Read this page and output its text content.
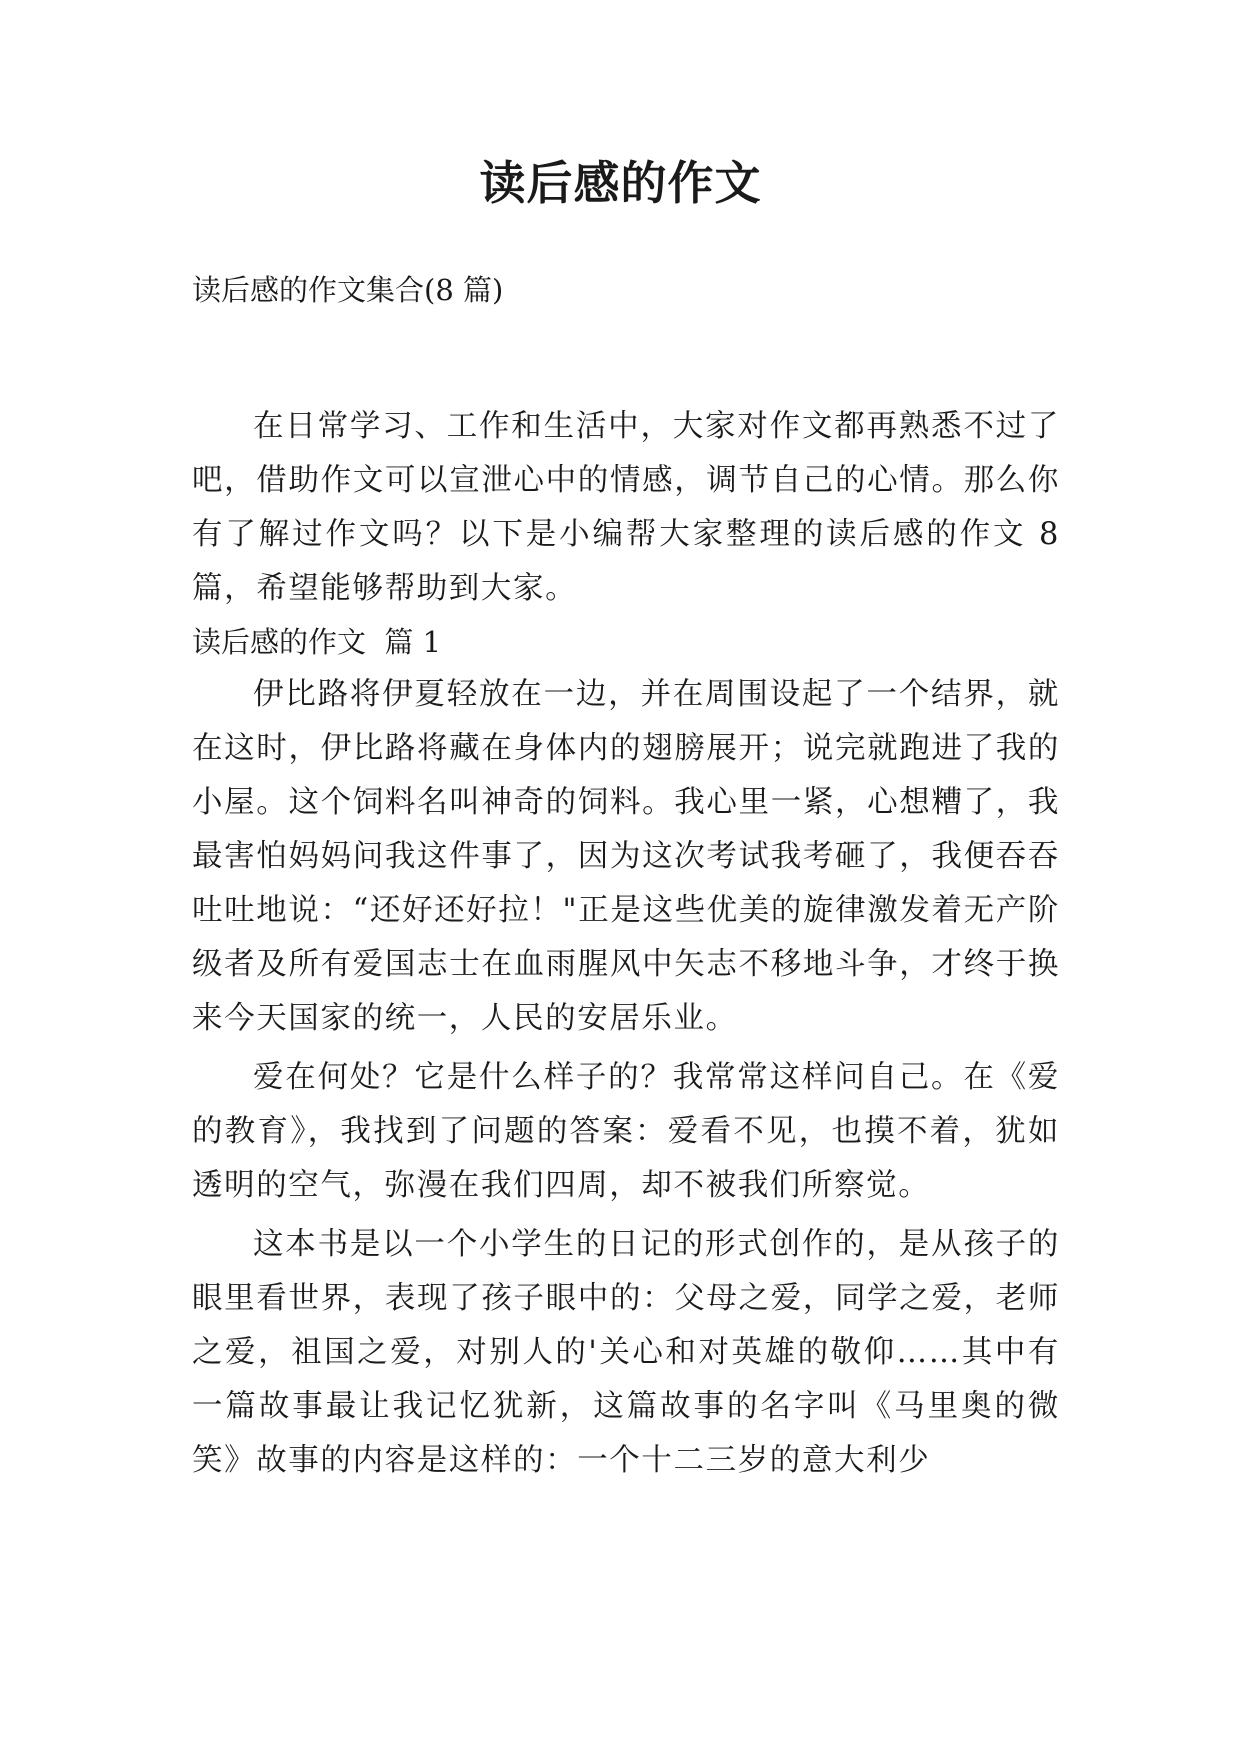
读后感的作文

读后感的作文集合(8 篇)

在日常学习、工作和生活中，大家对作文都再熟悉不过了吧，借助作文可以宣泄心中的情感，调节自己的心情。那么你有了解过作文吗？以下是小编帮大家整理的读后感的作文 8 篇，希望能够帮助到大家。

读后感的作文  篇 1

伊比路将伊夏轻放在一边，并在周围设起了一个结界，就在这时，伊比路将藏在身体内的翅膀展开；说完就跑进了我的小屋。这个饲料名叫神奇的饲料。我心里一紧，心想糟了，我最害怕妈妈问我这件事了，因为这次考试我考砸了，我便吞吞吐吐地说：“还好还好拉！"正是这些优美的旋律激发着无产阶级者及所有爱国志士在血雨腥风中矢志不移地斗争，才终于换来今天国家的统一，人民的安居乐业。

爱在何处？它是什么样子的？我常常这样问自己。在《爱的教育》，我找到了问题的答案：爱看不见，也摸不着，犹如透明的空气，弥漫在我们四周，却不被我们所察觉。

这本书是以一个小学生的日记的形式创作的，是从孩子的眼里看世界，表现了孩子眼中的：父母之爱，同学之爱，老师之爱，祖国之爱，对别人的'关心和对英雄的敬仰……其中有一篇故事最让我记忆犹新，这篇故事的名字叫《马里奥的微笑》故事的内容是这样的：一个十二三岁的意大利少
